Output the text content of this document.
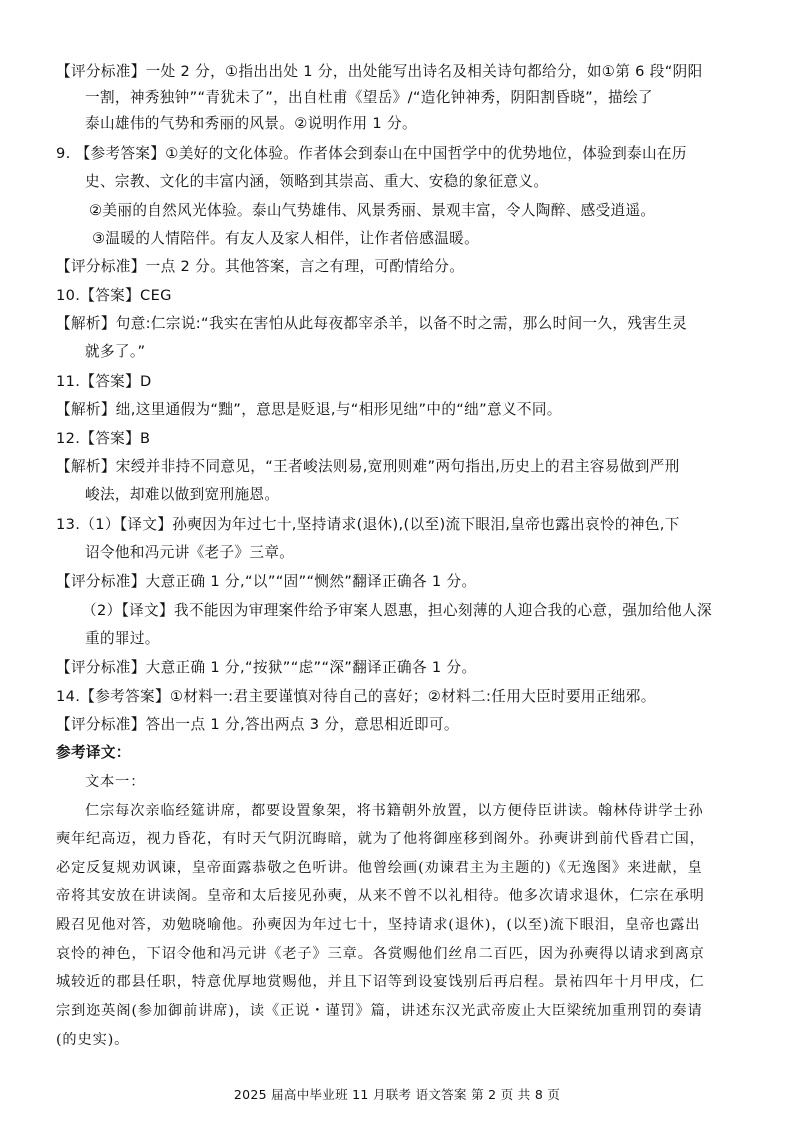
【评分标准】一处 2 分，①指出出处 1 分，出处能写出诗名及相关诗句都给分，如①第 6 段“阴阳
一割，神秀独钟”“青犹未了”，出自杜甫《望岳》/“造化钟神秀，阴阳割昏晓”，描绘了
泰山雄伟的气势和秀丽的风景。②说明作用 1 分。
9. 【参考答案】①美好的文化体验。作者体会到泰山在中国哲学中的优势地位，体验到泰山在历
史、宗教、文化的丰富内涵，领略到其崇高、重大、安稳的象征意义。
②美丽的自然风光体验。泰山气势雄伟、风景秀丽、景观丰富，令人陶醉、感受逍遥。
③温暖的人情陪伴。有友人及家人相伴，让作者倍感温暖。
【评分标准】一点 2 分。其他答案，言之有理，可酌情给分。
10.【答案】CEG
【解析】句意:仁宗说:“我实在害怕从此每夜都宰杀羊，以备不时之需，那么时间一久，残害生灵
就多了。”
11.【答案】D
【解析】绌,这里通假为“黜”，意思是贬退,与“相形见绌”中的“绌”意义不同。
12.【答案】B
【解析】宋绶并非持不同意见，“王者峻法则易,宽刑则难”两句指出,历史上的君主容易做到严刑
峻法，却难以做到宽刑施恩。
13.（1）【译文】孙奭因为年过七十,坚持请求(退休),(以至)流下眼泪,皇帝也露出哀怜的神色,下
诏令他和冯元讲《老子》三章。
【评分标准】大意正确 1 分,“以”“固”“恻然”翻译正确各 1 分。
（2）【译文】我不能因为审理案件给予审案人恩惠，担心刻薄的人迎合我的心意，强加给他人深
重的罪过。
【评分标准】大意正确 1 分,“按狱”“虑”“深”翻译正确各 1 分。
14.【参考答案】①材料一:君主要谨慎对待自己的喜好；②材料二:任用大臣时要用正绌邪。
【评分标准】答出一点 1 分,答出两点 3 分，意思相近即可。
参考译文：
文本一：
仁宗每次亲临经筵讲席，都要设置象架，将书籍朝外放置，以方便侍臣讲读。翰林侍讲学士孙
奭年纪高迈，视力昏花，有时天气阴沉晦暗，就为了他将御座移到阁外。孙奭讲到前代昏君亡国，
必定反复规劝讽谏，皇帝面露恭敬之色听讲。他曾绘画(劝谏君主为主题的)《无逸图》来进献，皇
帝将其安放在讲读阁。皇帝和太后接见孙奭，从来不曾不以礼相待。他多次请求退休，仁宗在承明
殿召见他对答，劝勉晓喻他。孙奭因为年过七十，坚持请求(退休)，(以至)流下眼泪，皇帝也露出
哀怜的神色，下诏令他和冯元讲《老子》三章。各赏赐他们丝帛二百匹，因为孙奭得以请求到离京
城较近的郡县任职，特意优厚地赏赐他，并且下诏等到设宴饯别后再启程。景祐四年十月甲戌，仁
宗到迩英阁(参加御前讲席)，读《正说・谨罚》篇，讲述东汉光武帝废止大臣梁统加重刑罚的奏请
(的史实)。
2025 届高中毕业班 11 月联考 语文答案 第 2 页 共 8 页
